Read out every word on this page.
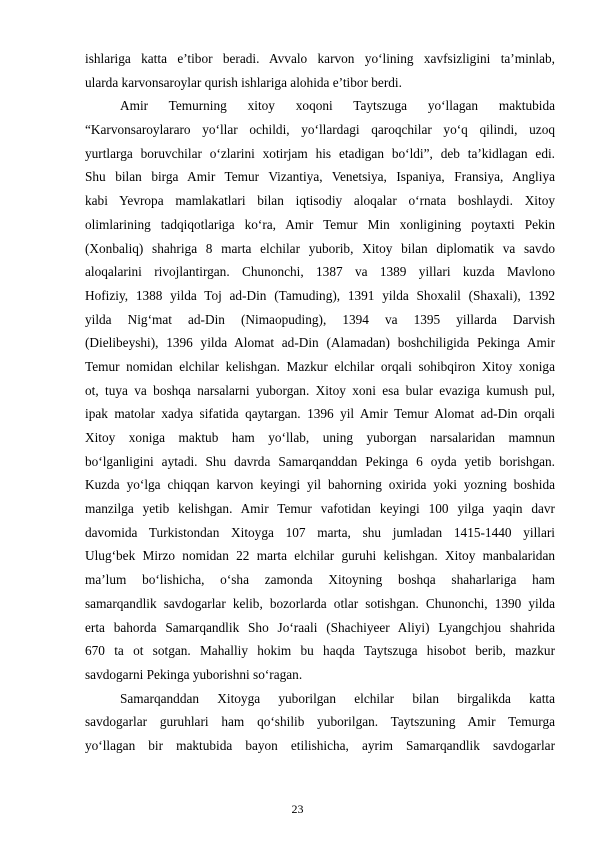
ishlariga katta e’tibor beradi. Avvalo karvon yo‘lining xavfsizligini ta’minlab,
ularda karvonsaroylar qurish ishlariga alohida e’tibor berdi.
Amir Temurning xitoy xoqoni Taytszuga yo‘llagan maktubida
“Karvonsaroylararo yo‘llar ochildi, yo‘llardagi qaroqchilar yo‘q qilindi, uzoq
yurtlarga boruvchilar o‘zlarini xotirjam his etadigan bo‘ldi”, deb ta’kidlagan edi.
Shu bilan birga Amir Temur Vizantiya, Venetsiya, Ispaniya, Fransiya, Angliya
kabi Yevropa mamlakatlari bilan iqtisodiy aloqalar o‘rnata boshlaydi. Xitoy
olimlarining tadqiqotlariga ko‘ra, Amir Temur Min xonligining poytaxti Pekin
(Xonbaliq) shahriga 8 marta elchilar yuborib, Xitoy bilan diplomatik va savdo
aloqalarini rivojlantirgan. Chunonchi, 1387 va 1389 yillari kuzda Mavlono
Hofiziy, 1388 yilda Toj ad-Din (Tamuding), 1391 yilda Shoxalil (Shaxali), 1392
yilda Nig‘mat ad-Din (Nimaopuding), 1394 va 1395 yillarda Darvish
(Dielibeyshi), 1396 yilda Alomat ad-Din (Alamadan) boshchiligida Pekinga Amir
Temur nomidan elchilar kelishgan. Mazkur elchilar orqali sohibqiron Xitoy xoniga
ot, tuya va boshqa narsalarni yuborgan. Xitoy xoni esa bular evaziga kumush pul,
ipak matolar xadya sifatida qaytargan. 1396 yil Amir Temur Alomat ad-Din orqali
Xitoy xoniga maktub ham yo‘llab, uning yuborgan narsalaridan mamnun
bo‘lganligini aytadi. Shu davrda Samarqanddan Pekinga 6 oyda yetib borishgan.
Kuzda yo‘lga chiqqan karvon keyingi yil bahorning oxirida yoki yozning boshida
manzilga yetib kelishgan. Amir Temur vafotidan keyingi 100 yilga yaqin davr
davomida Turkistondan Xitoyga 107 marta, shu jumladan 1415-1440 yillari
Ulug‘bek Mirzo nomidan 22 marta elchilar guruhi kelishgan. Xitoy manbalaridan
ma’lum bo‘lishicha, o‘sha zamonda Xitoyning boshqa shaharlariga ham
samarqandlik savdogarlar kelib, bozorlarda otlar sotishgan. Chunonchi, 1390 yilda
erta bahorda Samarqandlik Sho Jo‘raali (Shachiyeer Aliyi) Lyangchjou shahrida
670 ta ot sotgan. Mahalliy hokim bu haqda Taytszuga hisobot berib, mazkur
savdogarni Pekinga yuborishni so‘ragan.
Samarqanddan Xitoyga yuborilgan elchilar bilan birgalikda katta
savdogarlar guruhlari ham qo‘shilib yuborilgan. Taytszuning Amir Temurga
yo‘llagan bir maktubida bayon etilishicha, ayrim Samarqandlik savdogarlar
23
